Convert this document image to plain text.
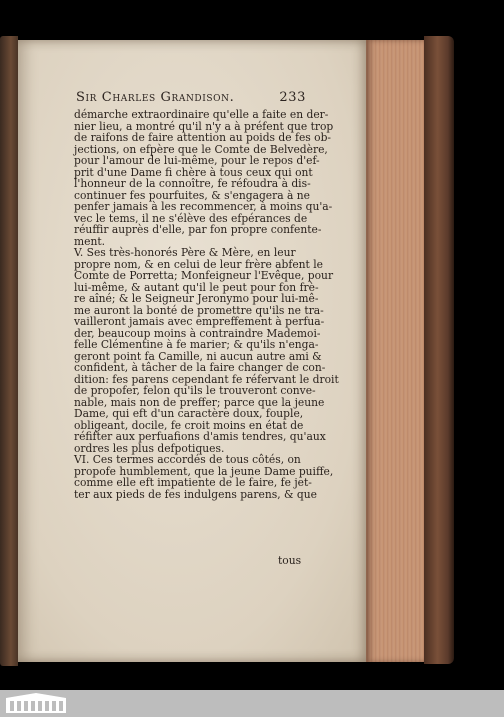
Sir Charles Grandison.	233
démarche extraordinaire qu'elle a faite en der-
nier lieu, a montré qu'il n'y a à préfent que trop
de raifons de faire attention au poids de fes ob-
jections, on efpère que le Comte de Belvedère,
pour l'amour de lui-même, pour le repos d'ef-
prit d'une Dame fi chère à tous ceux qui ont
l'honneur de la connoître, fe réfoudra à dis-
continuer fes pourfuites, & s'engagera à ne
penfer jamais à les recommencer, à moins qu'a-
vec le tems, il ne s'élève des efpérances de
réuffir auprès d'elle, par fon propre confente-
ment.
V. Ses très-honorés Père & Mère, en leur
propre nom, & en celui de leur frère abfent le
Comte de Porretta; Monfeigneur l'Evêque, pour
lui-même, & autant qu'il le peut pour fon frè-
re aîné; & le Seigneur Jeronymo pour lui-mê-
me auront la bonté de promettre qu'ils ne tra-
vailleront jamais avec empreffement à perfua-
der, beaucoup moins à contraindre Mademoi-
felle Clémentine à fe marier; & qu'ils n'enga-
geront point fa Camille, ni aucun autre ami &
confident, à tâcher de la faire changer de con-
dition: fes parens cependant fe réfervant le droit
de propofer, felon qu'ils le trouveront conve-
nable, mais non de preffer; parce que la jeune
Dame, qui eft d'un caractère doux, fouple,
obligeant, docile, fe croit moins en état de
réfifter aux perfuafions d'amis tendres, qu'aux
ordres les plus defpotiques.
VI. Ces termes accordés de tous côtés, on
propofe humblement, que la jeune Dame puiffe,
comme elle eft impatiente de le faire, fe jet-
ter aux pieds de fes indulgens parens, & que
tous
